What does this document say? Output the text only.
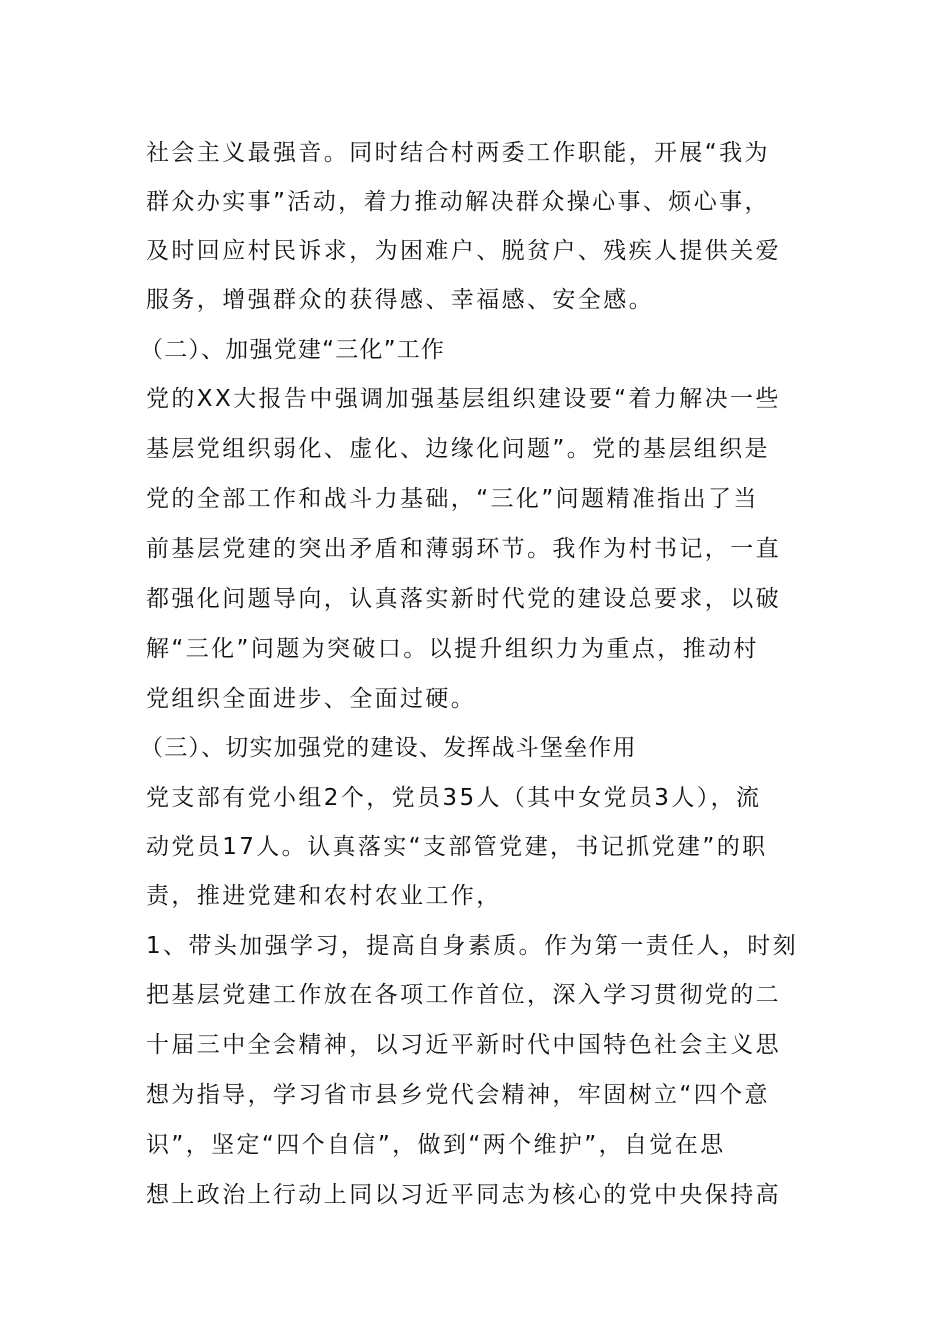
社会主义最强音。同时结合村两委工作职能，开展“我为
群众办实事”活动，着力推动解决群众操心事、烦心事，
及时回应村民诉求，为困难户、脱贫户、残疾人提供关爱
服务，增强群众的获得感、幸福感、安全感。
（二）、加强党建“三化”工作
党的XX大报告中强调加强基层组织建设要“着力解决一些
基层党组织弱化、虚化、边缘化问题”。党的基层组织是
党的全部工作和战斗力基础，“三化”问题精准指出了当
前基层党建的突出矛盾和薄弱环节。我作为村书记，一直
都强化问题导向，认真落实新时代党的建设总要求，以破
解“三化”问题为突破口。以提升组织力为重点，推动村
党组织全面进步、全面过硬。
（三）、切实加强党的建设、发挥战斗堡垒作用
党支部有党小组2个，党员35人（其中女党员3人），流
动党员17人。认真落实“支部管党建，书记抓党建”的职
责，推进党建和农村农业工作，
1、带头加强学习，提高自身素质。作为第一责任人，时刻
把基层党建工作放在各项工作首位，深入学习贯彻党的二
十届三中全会精神，以习近平新时代中国特色社会主义思
想为指导，学习省市县乡党代会精神，牢固树立“四个意
识”，坚定“四个自信”，做到“两个维护”，自觉在思
想上政治上行动上同以习近平同志为核心的党中央保持高
